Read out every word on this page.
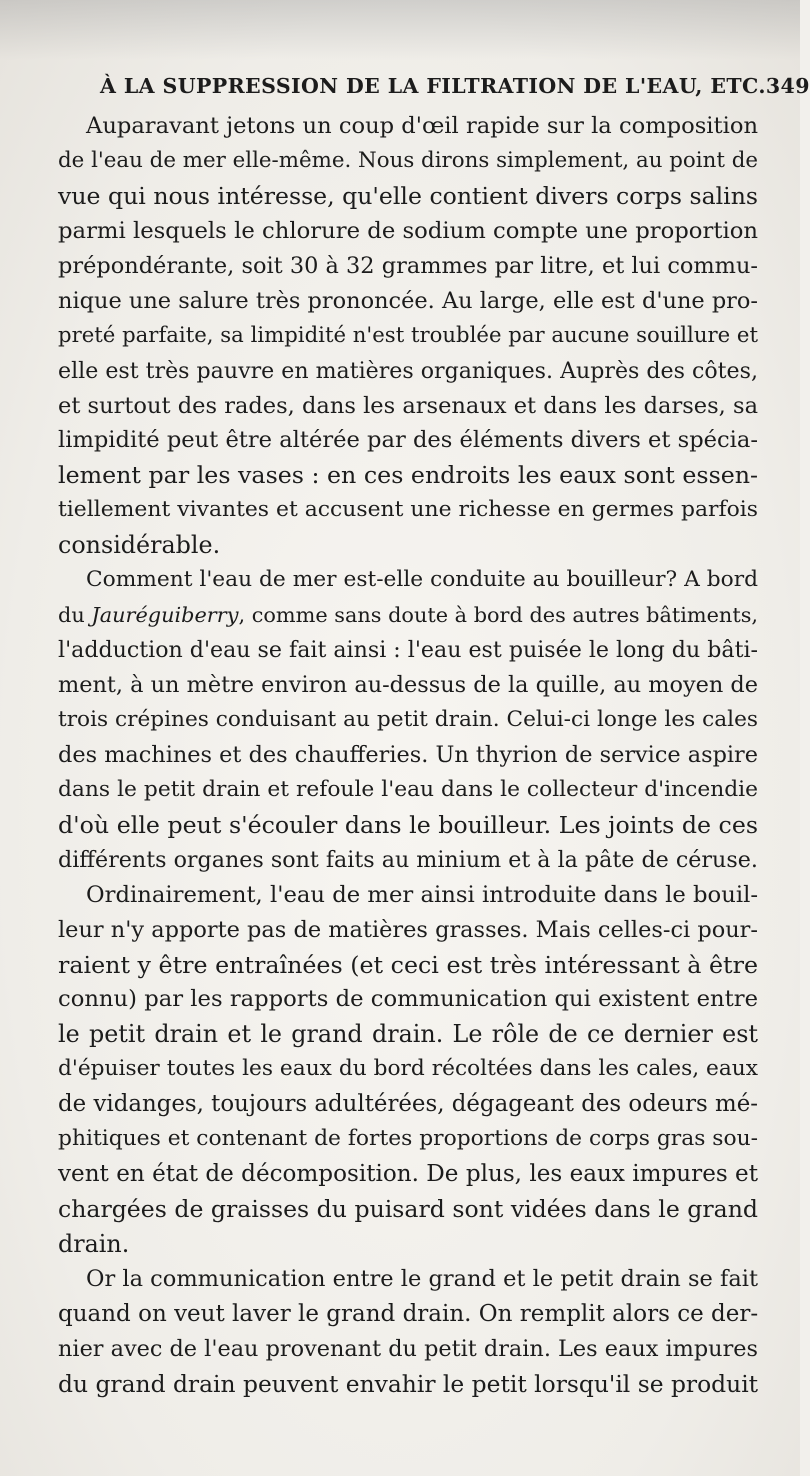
À LA SUPPRESSION DE LA FILTRATION DE L'EAU, ETC. 349
Auparavant jetons un coup d'œil rapide sur la composition
de l'eau de mer elle-même. Nous dirons simplement, au point de
vue qui nous intéresse, qu'elle contient divers corps salins
parmi lesquels le chlorure de sodium compte une proportion
prépondérante, soit 30 à 32 grammes par litre, et lui commu-
nique une salure très prononcée. Au large, elle est d'une pro-
preté parfaite, sa limpidité n'est troublée par aucune souillure et
elle est très pauvre en matières organiques. Auprès des côtes,
et surtout des rades, dans les arsenaux et dans les darses, sa
limpidité peut être altérée par des éléments divers et spécia-
lement par les vases : en ces endroits les eaux sont essen-
tiellement vivantes et accusent une richesse en germes parfois
considérable.
Comment l'eau de mer est-elle conduite au bouilleur? A bord
du Jauréguiberry, comme sans doute à bord des autres bâtiments,
l'adduction d'eau se fait ainsi : l'eau est puisée le long du bâti-
ment, à un mètre environ au-dessus de la quille, au moyen de
trois crépines conduisant au petit drain. Celui-ci longe les cales
des machines et des chaufferies. Un thyrion de service aspire
dans le petit drain et refoule l'eau dans le collecteur d'incendie
d'où elle peut s'écouler dans le bouilleur. Les joints de ces
différents organes sont faits au minium et à la pâte de céruse.
Ordinairement, l'eau de mer ainsi introduite dans le bouil-
leur n'y apporte pas de matières grasses. Mais celles-ci pour-
raient y être entraînées (et ceci est très intéressant à être
connu) par les rapports de communication qui existent entre
le petit drain et le grand drain. Le rôle de ce dernier est
d'épuiser toutes les eaux du bord récoltées dans les cales, eaux
de vidanges, toujours adultérées, dégageant des odeurs mé-
phitiques et contenant de fortes proportions de corps gras sou-
vent en état de décomposition. De plus, les eaux impures et
chargées de graisses du puisard sont vidées dans le grand
drain.
Or la communication entre le grand et le petit drain se fait
quand on veut laver le grand drain. On remplit alors ce der-
nier avec de l'eau provenant du petit drain. Les eaux impures
du grand drain peuvent envahir le petit lorsqu'il se produit
